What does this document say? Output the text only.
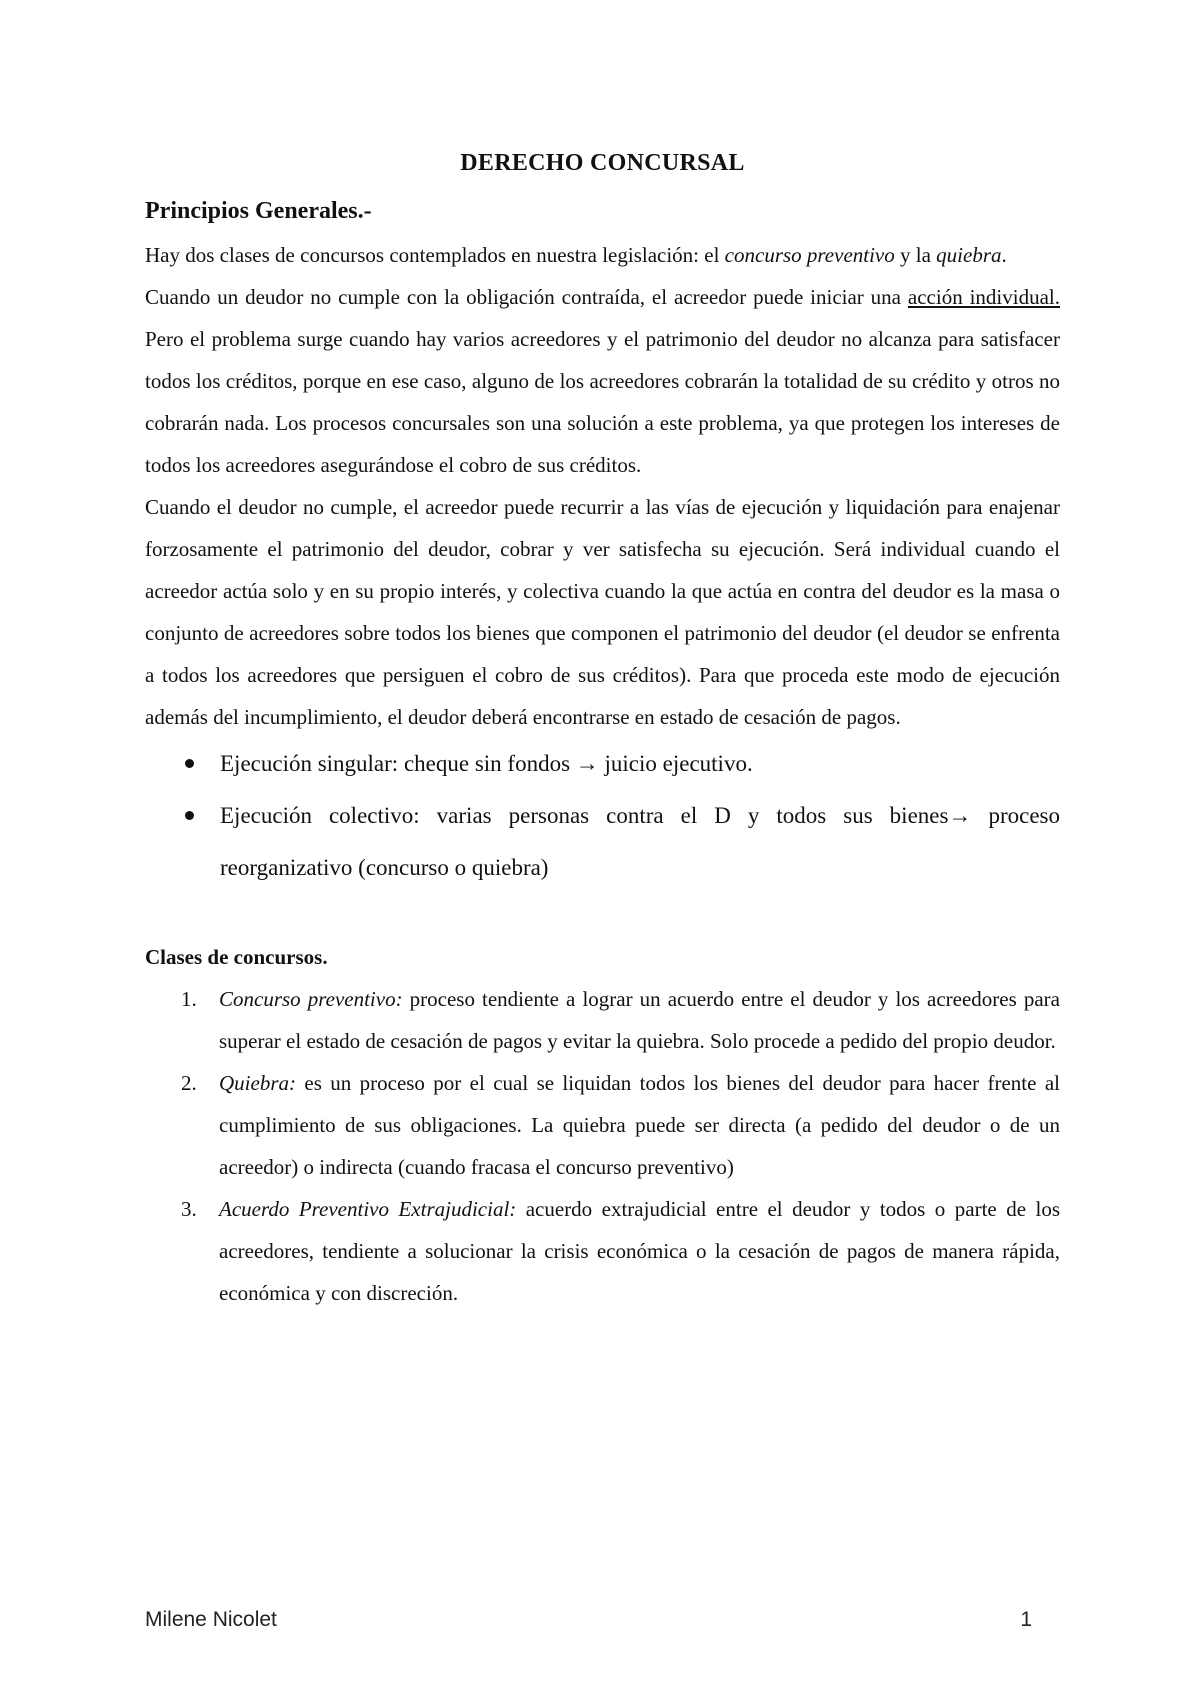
DERECHO CONCURSAL
Principios Generales.-

Hay dos clases de concursos contemplados en nuestra legislación: el concurso preventivo y la quiebra.

Cuando un deudor no cumple con la obligación contraída, el acreedor puede iniciar una acción individual. Pero el problema surge cuando hay varios acreedores y el patrimonio del deudor no alcanza para satisfacer todos los créditos, porque en ese caso, alguno de los acreedores cobrarán la totalidad de su crédito y otros no cobrarán nada. Los procesos concursales son una solución a este problema, ya que protegen los intereses de todos los acreedores asegurándose el cobro de sus créditos.

Cuando el deudor no cumple, el acreedor puede recurrir a las vías de ejecución y liquidación para enajenar forzosamente el patrimonio del deudor, cobrar y ver satisfecha su ejecución. Será individual cuando el acreedor actúa solo y en su propio interés, y colectiva cuando la que actúa en contra del deudor es la masa o conjunto de acreedores sobre todos los bienes que componen el patrimonio del deudor (el deudor se enfrenta a todos los acreedores que persiguen el cobro de sus créditos). Para que proceda este modo de ejecución además del incumplimiento, el deudor deberá encontrarse en estado de cesación de pagos.

Ejecución singular: cheque sin fondos → juicio ejecutivo.
Ejecución colectivo: varias personas contra el D y todos sus bienes→ proceso reorganizativo (concurso o quiebra)
Clases de concursos.
1. Concurso preventivo: proceso tendiente a lograr un acuerdo entre el deudor y los acreedores para superar el estado de cesación de pagos y evitar la quiebra. Solo procede a pedido del propio deudor.
2. Quiebra: es un proceso por el cual se liquidan todos los bienes del deudor para hacer frente al cumplimiento de sus obligaciones. La quiebra puede ser directa (a pedido del deudor o de un acreedor) o indirecta (cuando fracasa el concurso preventivo)
3. Acuerdo Preventivo Extrajudicial: acuerdo extrajudicial entre el deudor y todos o parte de los acreedores, tendiente a solucionar la crisis económica o la cesación de pagos de manera rápida, económica y con discreción.
Milene Nicolet	1
